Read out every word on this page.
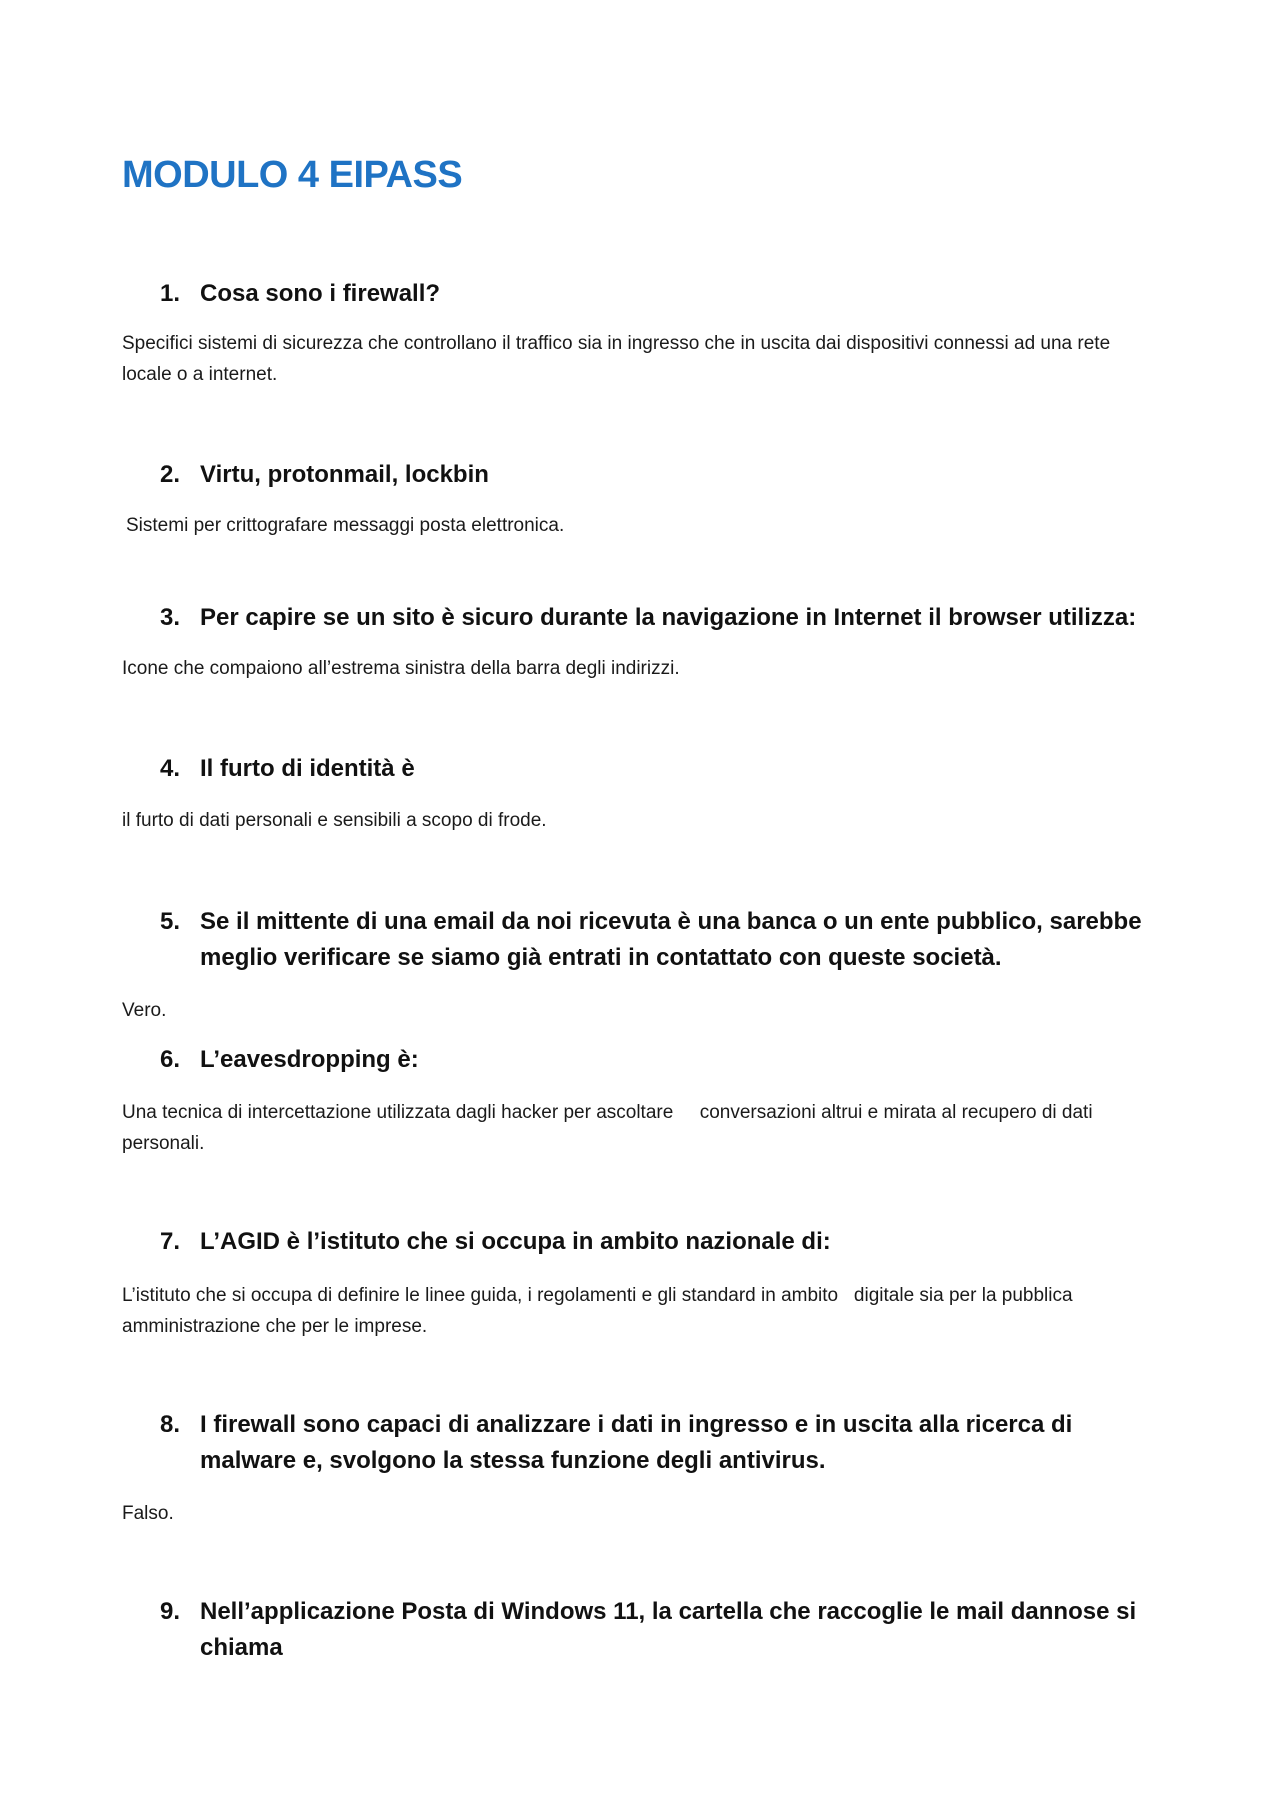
MODULO 4 EIPASS
1. Cosa sono i firewall?

Specifici sistemi di sicurezza che controllano il traffico sia in ingresso che in uscita dai dispositivi connessi ad una rete locale o a internet.

2. Virtu, protonmail, lockbin

Sistemi per crittografare messaggi posta elettronica.

3. Per capire se un sito è sicuro durante la navigazione in Internet il browser utilizza:

Icone che compaiono all’estrema sinistra della barra degli indirizzi.

4. Il furto di identità è

il furto di dati personali e sensibili a scopo di frode.

5. Se il mittente di una email da noi ricevuta è una banca o un ente pubblico, sarebbe meglio verificare se siamo già entrati in contattato con queste società.

Vero.

6. L’eavesdropping è:

Una tecnica di intercettazione utilizzata dagli hacker per ascoltare     conversazioni altrui e mirata al recupero di dati personali.

7. L’AGID è l’istituto che si occupa in ambito nazionale di:

L’istituto che si occupa di definire le linee guida, i regolamenti e gli standard in ambito   digitale sia per la pubblica amministrazione che per le imprese.

8. I firewall sono capaci di analizzare i dati in ingresso e in uscita alla ricerca di malware e, svolgono la stessa funzione degli antivirus.

Falso.

9. Nell’applicazione Posta di Windows 11, la cartella che raccoglie le mail dannose si chiama
